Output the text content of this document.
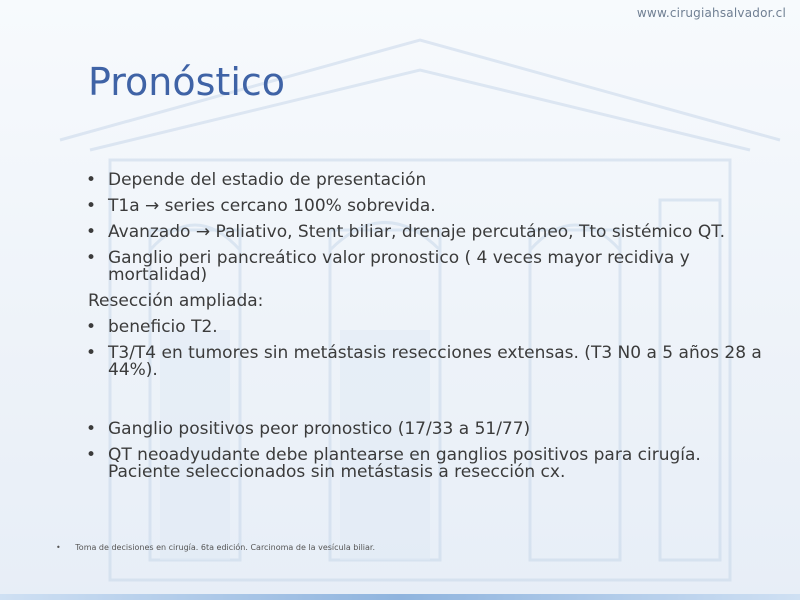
www.cirugiahsalvador.cl
Pronóstico
• Depende del estadio de presentación
• T1a → series cercano 100% sobrevida.
• Avanzado → Paliativo, Stent biliar, drenaje percutáneo, Tto sistémico QT.
• Ganglio peri pancreático valor pronostico ( 4 veces mayor recidiva y mortalidad)
Resección ampliada:
• beneficio T2.
• T3/T4 en tumores sin metástasis resecciones extensas. (T3 N0 a 5 años 28 a 44%).
• Ganglio positivos peor pronostico (17/33 a 51/77)
• QT neoadyudante debe plantearse en ganglios positivos para cirugía. Paciente seleccionados sin metástasis a resección cx.
• Toma de decisiones en cirugía. 6ta edición. Carcinoma de la vesícula biliar.
